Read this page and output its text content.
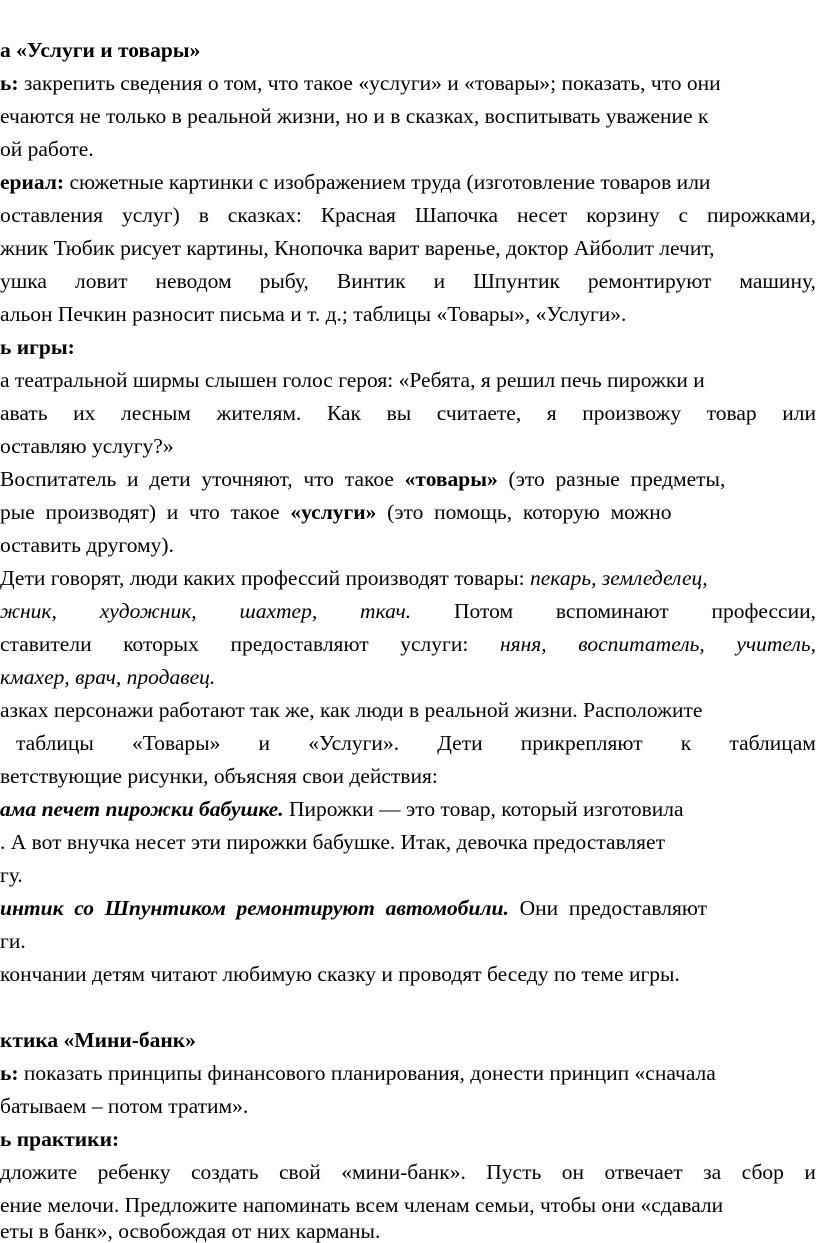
а «Услуги и товары»
ь: закрепить сведения о том, что такое «услуги» и «товары»; показать, что они
ечаются не только в реальной жизни, но и в сказках, воспитывать уважение к
ой работе.
ериал: сюжетные картинки с изображением труда (изготовление товаров или
оставления услуг) в сказках: Красная Шапочка несет корзину с пирожками,
жник Тюбик рисует картины, Кнопочка варит варенье, доктор Айболит лечит,
ушка ловит неводом рыбу, Винтик и Шпунтик ремонтируют машину,
альон Печкин разносит письма и т. д.; таблицы «Товары», «Услуги».
ь игры:
а театральной ширмы слышен голос героя: «Ребята, я решил печь пирожки и
авать их лесным жителям. Как вы считаете, я произвожу товар или
оставляю услугу?»
Воспитатель  и  дети  уточняют,  что  такое  «товары»  (это  разные  предметы,
рые  производят)  и  что  такое  «услуги»  (это  помощь,  которую  можно
оставить другому).
Дети говорят, люди каких профессий производят товары: пекарь, земледелец,
жник, художник, шахтер, ткач. Потом вспоминают профессии,
ставители которых предоставляют услуги: няня, воспитатель, учитель,
кмахер, врач, продавец.
азках персонажи работают так же, как люди в реальной жизни. Расположите
таблицы «Товары» и «Услуги». Дети прикрепляют к таблицам
ветствующие рисунки, объясняя свои действия:
ама печет пирожки бабушке. Пирожки — это товар, который изготовила
. А вот внучка несет эти пирожки бабушке. Итак, девочка предоставляет
гу.
интик  со  Шпунтиком  ремонтируют  автомобили.  Они  предоставляют
ги.
кончании детям читают любимую сказку и проводят беседу по теме игры.
ктика «Мини-банк»
ь: показать принципы финансового планирования, донести принцип «сначала
батываем – потом тратим».
ь практики:
дложите ребенку создать свой «мини-банк». Пусть он отвечает за сбор и
ение мелочи. Предложите напоминать всем членам семьи, чтобы они «сдавали
еты в банк», освобождая от них карманы.
